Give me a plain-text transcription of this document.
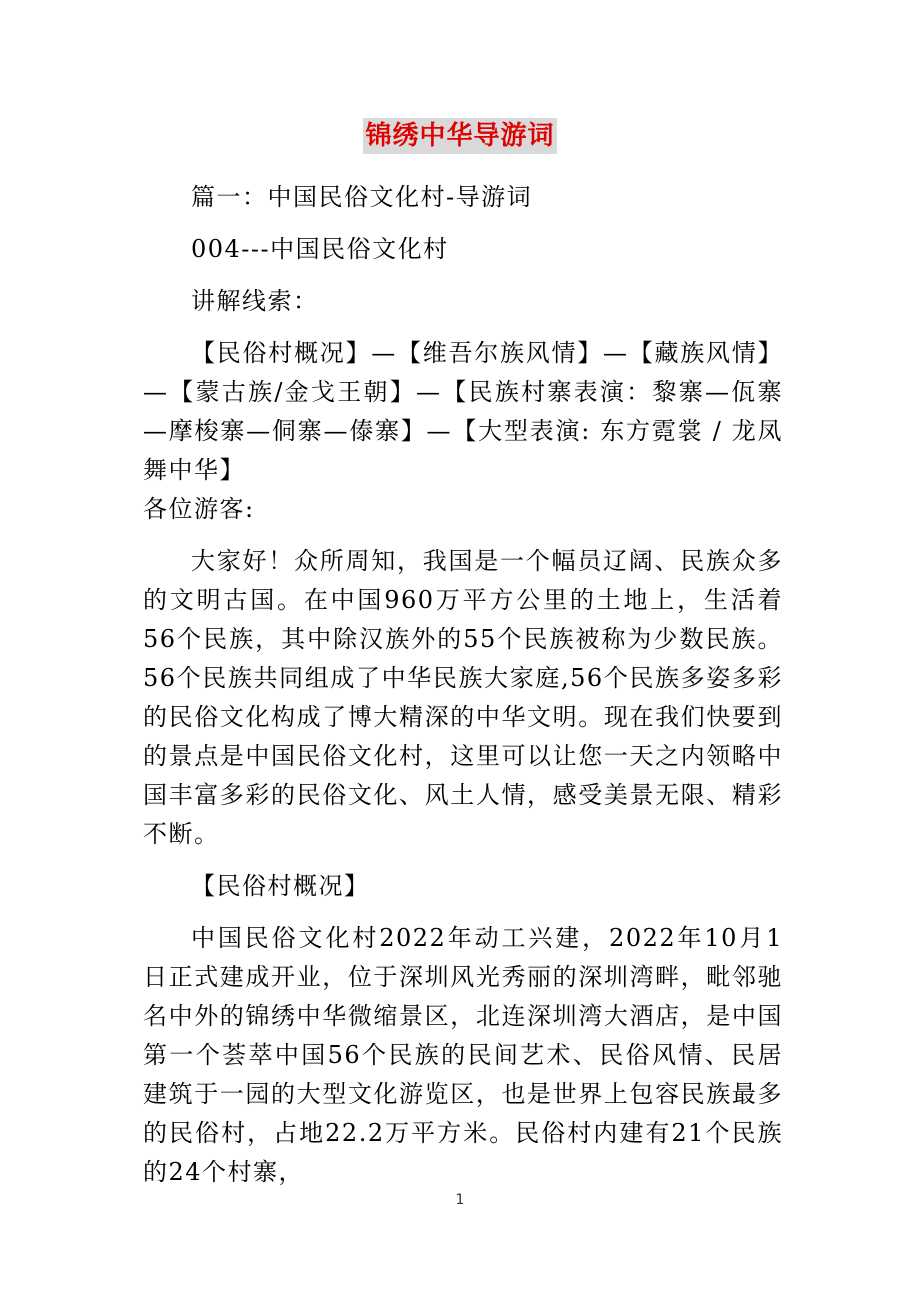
锦绣中华导游词

篇一：中国民俗文化村-导游词

004---中国民俗文化村

讲解线索：

【民俗村概况】—【维吾尔族风情】—【藏族风情】—【蒙古族/金戈王朝】—【民族村寨表演：黎寨—佤寨—摩梭寨—侗寨—傣寨】—【大型表演: 东方霓裳 / 龙凤舞中华】

各位游客:

大家好！众所周知，我国是一个幅员辽阔、民族众多的文明古国。在中国960万平方公里的土地上，生活着56个民族，其中除汉族外的55个民族被称为少数民族。56个民族共同组成了中华民族大家庭,56个民族多姿多彩的民俗文化构成了博大精深的中华文明。现在我们快要到的景点是中国民俗文化村，这里可以让您一天之内领略中国丰富多彩的民俗文化、风土人情，感受美景无限、精彩不断。

【民俗村概况】

中国民俗文化村2022年动工兴建，2022年10月1日正式建成开业，位于深圳风光秀丽的深圳湾畔，毗邻驰名中外的锦绣中华微缩景区，北连深圳湾大酒店，是中国第一个荟萃中国56个民族的民间艺术、民俗风情、民居建筑于一园的大型文化游览区，也是世界上包容民族最多的民俗村，占地22.2万平方米。民俗村内建有21个民族的24个村寨，

1
